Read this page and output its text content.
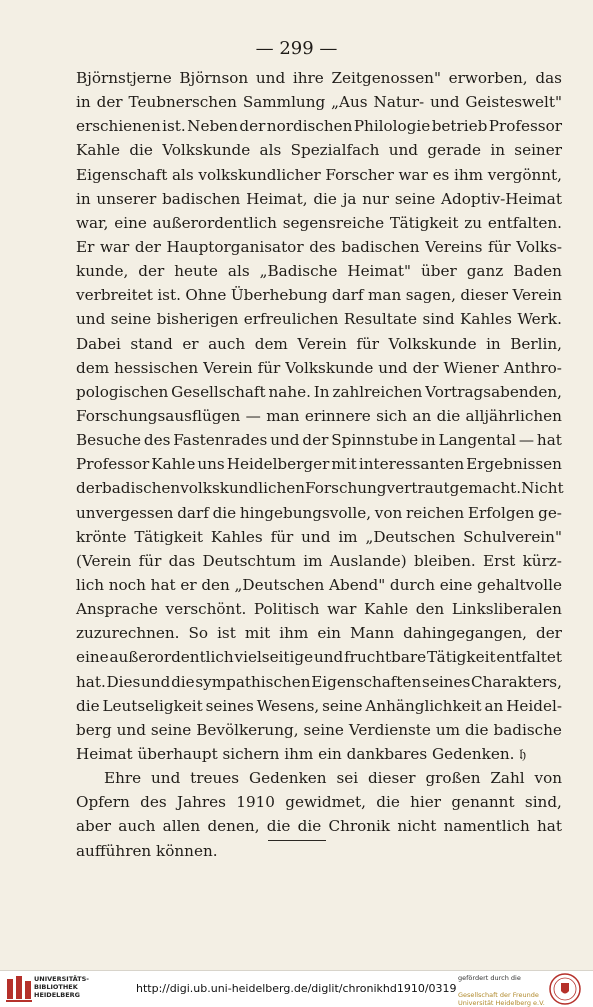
— 299 —
Björnstjerne Björnson und ihre Zeitgenossen" erworben, das
in der Teubnerschen Sammlung „Aus Natur- und Geisteswelt"
erschienen ist. Neben der nordischen Philologie betrieb Professor
Kahle die Volkskunde als Spezialfach und gerade in seiner
Eigenschaft als volkskundlicher Forscher war es ihm vergönnt,
in unserer badischen Heimat, die ja nur seine Adoptiv-Heimat
war, eine außerordentlich segensreiche Tätigkeit zu entfalten.
Er war der Hauptorganisator des badischen Vereins für Volks-
kunde, der heute als „Badische Heimat" über ganz Baden
verbreitet ist. Ohne Überhebung darf man sagen, dieser Verein
und seine bisherigen erfreulichen Resultate sind Kahles Werk.
Dabei stand er auch dem Verein für Volkskunde in Berlin,
dem hessischen Verein für Volkskunde und der Wiener Anthro-
pologischen Gesellschaft nahe. In zahlreichen Vortragsabenden,
Forschungsausflügen — man erinnere sich an die alljährlichen
Besuche des Fastenrades und der Spinnstube in Langental — hat
Professor Kahle uns Heidelberger mit interessanten Ergebnissen
der badischen volkskundlichen Forschung vertraut gemacht. Nicht
unvergessen darf die hingebungsvolle, von reichen Erfolgen ge-
krönte Tätigkeit Kahles für und im „Deutschen Schulverein"
(Verein für das Deutschtum im Auslande) bleiben. Erst kürz-
lich noch hat er den „Deutschen Abend" durch eine gehaltvolle
Ansprache verschönt. Politisch war Kahle den Linksliberalen
zuzurechnen. So ist mit ihm ein Mann dahingegangen, der
eine außerordentlich vielseitige und fruchtbare Tätigkeit entfaltet
hat. Dies und die sympathischen Eigenschaften seines Charakters,
die Leutseligkeit seines Wesens, seine Anhänglichkeit an Heidel-
berg und seine Bevölkerung, seine Verdienste um die badische
Heimat überhaupt sichern ihm ein dankbares Gedenken. 𝔥
Ehre und treues Gedenken sei dieser großen Zahl von
Opfern des Jahres 1910 gewidmet, die hier genannt sind,
aber auch allen denen, die die Chronik nicht namentlich hat
aufführen können.
UNIVERSITÄTS-
BIBLIOTHEK
HEIDELBERG	http://digi.ub.uni-heidelberg.de/diglit/chronikhd1910/0319
gefördert durch die
Gesellschaft der Freunde
Universität Heidelberg e.V.
